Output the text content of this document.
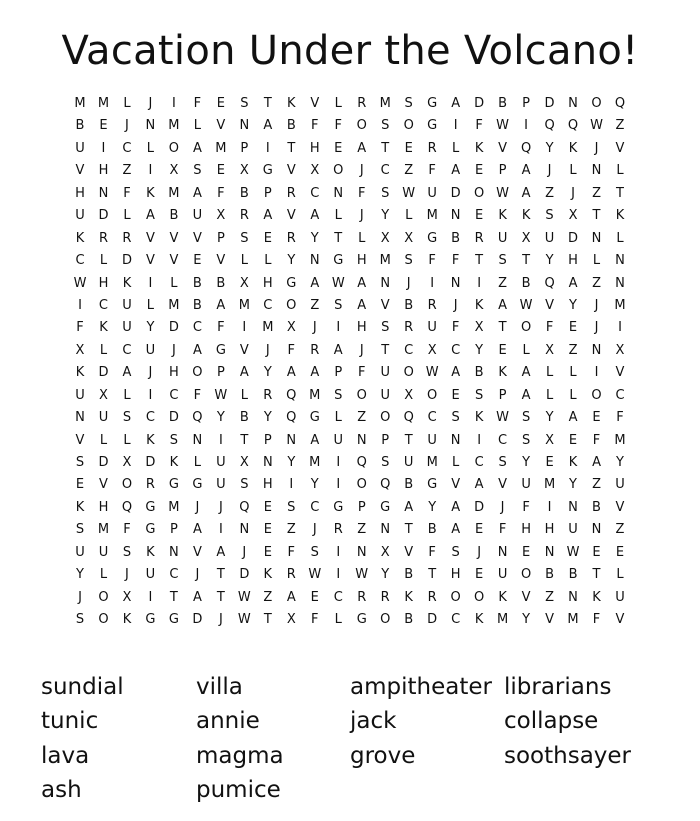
Vacation Under the Volcano!
M M	L	J	I	F	E	S	T	K	V	L	R	M	S	G	A	D	B	P	D	N	O	Q
B	E	J	N	M	L	V	N	A	B	F	F	O	S	O	G	I	F	W	I	Q	Q W Z
U	I	C	L	O	A	M	P	I	T	H	E	A	T	E	R	L	K	V	Q	Y	K	J	V
V	H	Z	I	X	S	E	X	G	V	X	O	J	C	Z	F	A	E	P	A	J	L	N	L
H	N	F	K	M	A	F	B	P	R	C	N	F	S W U	D	O W A	Z	J	Z	T
U	D	L	A	B	U	X	R	A	V	A	L	J	Y	L	M N	E	K	K	S	X	T	K
K	R	R	V	V	V	P	S	E	R	Y	T	L	X	X	G	B	R	U	X	U	D	N	L
C	L	D	V	V	E	V	L	L	Y	N	G	H M	S	F	F	T	S	T	Y	H	L	N
W H	K	I	L	B	B	X	H	G	A W A	N	J	I	N	I	Z	B	Q	A	Z	N
I	C	U	L	M	B	A	M	C	O	Z	S	A	V	B	R	J	K	A W V	Y	J	M
F	K	U	Y	D	C	F	I	M	X	J	I	H	S	R	U	F	X	T	O	F	E	J	I
X	L	C	U	J	A	G	V	J	F	R	A	J	T	C	X	C	Y	E	L	X	Z	N	X
K	D	A	J	H	O	P	A	Y	A	A	P	F	U	O W A	B	K	A	L	L	I	V
U	X	L	I	C	F	W	L	R	Q M	S	O	U	X	O	E	S	P	A	L	L	O	C
N	U	S	C	D	Q	Y	B	Y	Q	G	L	Z	O	Q	C	S	K W S	Y	A	E	F
V	L	L	K	S	N	I	T	P	N	A	U	N	P	T	U	N	I	C	S	X	E	F	M
S	D	X	D	K	L	U	X	N	Y	M	I	Q	S	U	M	L	C	S	Y	E	K	A	Y
E	V	O	R	G	G	U	S	H	I	Y	I	O	Q	B	G	V	A	V	U	M	Y	Z	U
K	H	Q	G M	J	J	Q	E	S	C	G	P	G	A	Y	A	D	J	F	I	N	B	V
S	M	F	G	P	A	I	N	E	Z	J	R	Z	N	T	B	A	E	F	H	H	U	N	Z
U	U	S	K	N	V	A	J	E	F	S	I	N	X	V	F	S	J	N	E	N W E	E
Y	L	J	U	C	J	T	D	K	R W	I	W	Y	B	T	H	E	U	O	B	B	T	L
J	O	X	I	T	A	T	W Z	A	E	C	R	R	K	R	O	O	K	V	Z	N	K	U
S	O	K	G	G	D	J	W	T	X	F	L	G	O	B	D	C	K	M	Y	V	M	F	V
sundial	villa	ampitheater librarians
tunic	annie	jack	collapse
lava	magma	grove	soothsayer
ash	pumice
